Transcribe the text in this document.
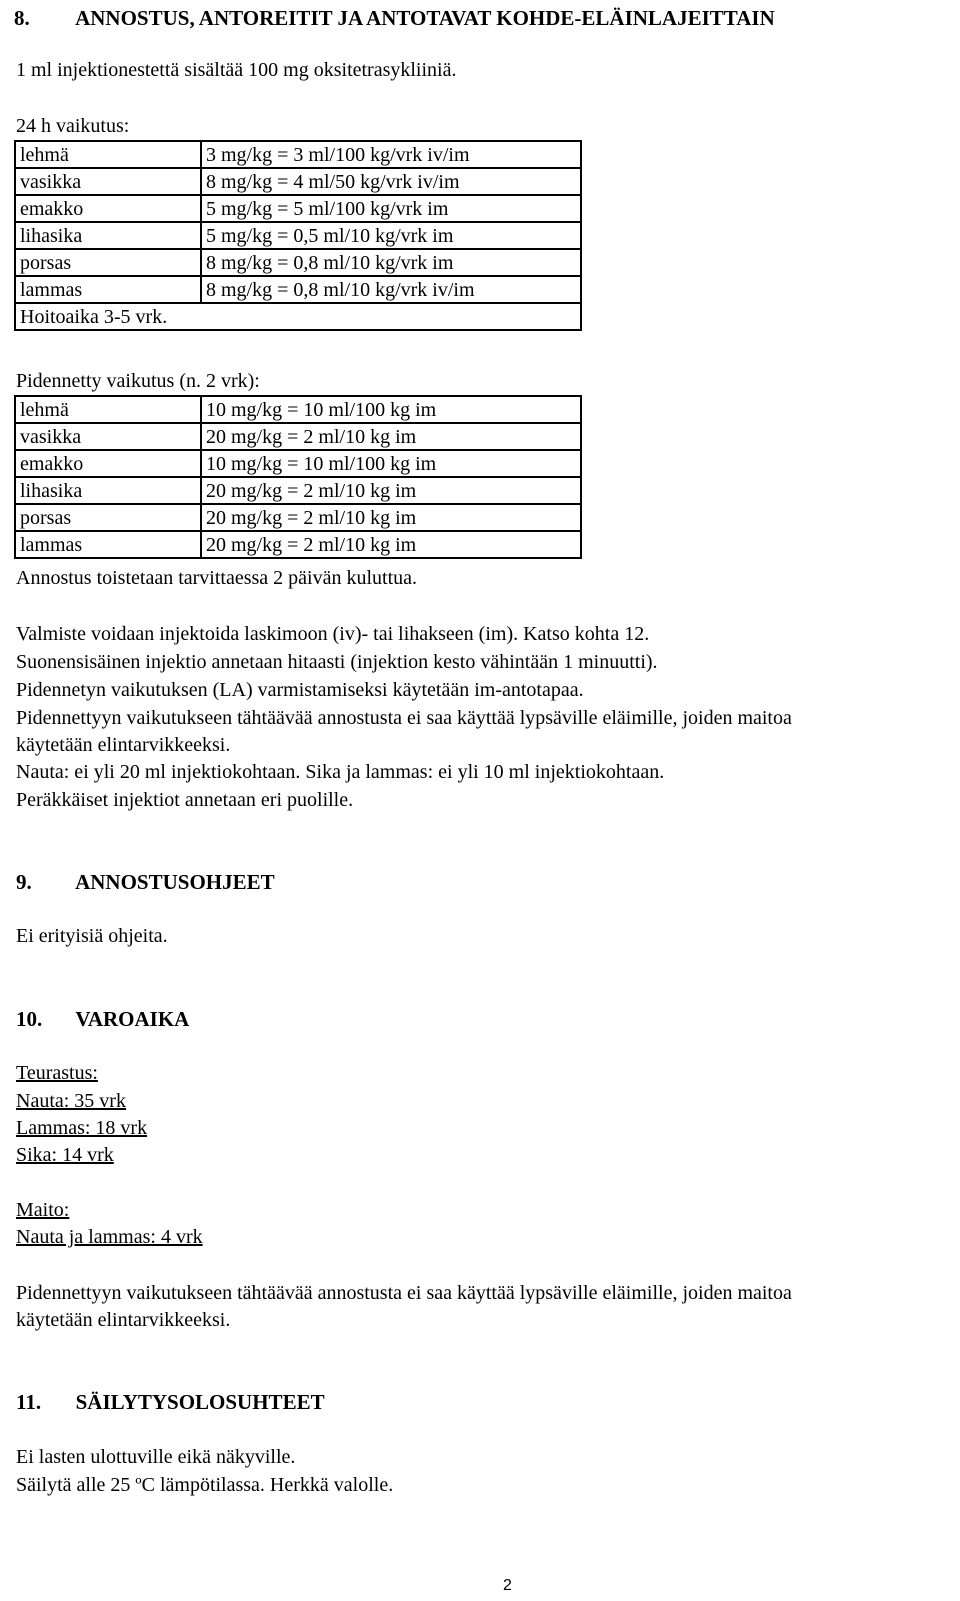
8. ANNOSTUS, ANTOREITIT JA ANTOTAVAT KOHDE-ELÄINLAJEITTAIN
1 ml injektionestettä sisältää 100 mg oksitetrasykliiniä.
24 h vaikutus:
lehmä	3 mg/kg = 3 ml/100 kg/vrk iv/im
vasikka	8 mg/kg = 4 ml/50 kg/vrk iv/im
emakko	5 mg/kg = 5 ml/100 kg/vrk im
lihasika	5 mg/kg = 0,5 ml/10 kg/vrk im
porsas	8 mg/kg = 0,8 ml/10 kg/vrk im
lammas	8 mg/kg = 0,8 ml/10 kg/vrk iv/im
Hoitoaika 3-5 vrk.	
Pidennetty vaikutus (n. 2 vrk):
lehmä	10 mg/kg = 10 ml/100 kg im
vasikka	20 mg/kg = 2 ml/10 kg im
emakko	10 mg/kg = 10 ml/100 kg im
lihasika	20 mg/kg = 2 ml/10 kg im
porsas	20 mg/kg = 2 ml/10 kg im
lammas	20 mg/kg = 2 ml/10 kg im
Annostus toistetaan tarvittaessa 2 päivän kuluttua.
Valmiste voidaan injektoida laskimoon (iv)- tai lihakseen (im). Katso kohta 12.
Suonensisäinen injektio annetaan hitaasti (injektion kesto vähintään 1 minuutti).
Pidennetyn vaikutuksen (LA) varmistamiseksi käytetään im-antotapaa.
Pidennettyyn vaikutukseen tähtäävää annostusta ei saa käyttää lypsäville eläimille, joiden maitoa
käytetään elintarvikkeeksi.
Nauta: ei yli 20 ml injektiokohtaan. Sika ja lammas: ei yli 10 ml injektiokohtaan.
Peräkkäiset injektiot annetaan eri puolille.
9. ANNOSTUSOHJEET
Ei erityisiä ohjeita.
10. VAROAIKA
Teurastus:
Nauta: 35 vrk
Lammas: 18 vrk
Sika: 14 vrk
Maito:
Nauta ja lammas: 4 vrk
Pidennettyyn vaikutukseen tähtäävää annostusta ei saa käyttää lypsäville eläimille, joiden maitoa
käytetään elintarvikkeeksi.
11. SÄILYTYSOLOSUHTEET
Ei lasten ulottuville eikä näkyville.
Säilytä alle 25 ºC lämpötilassa. Herkkä valolle.
2
